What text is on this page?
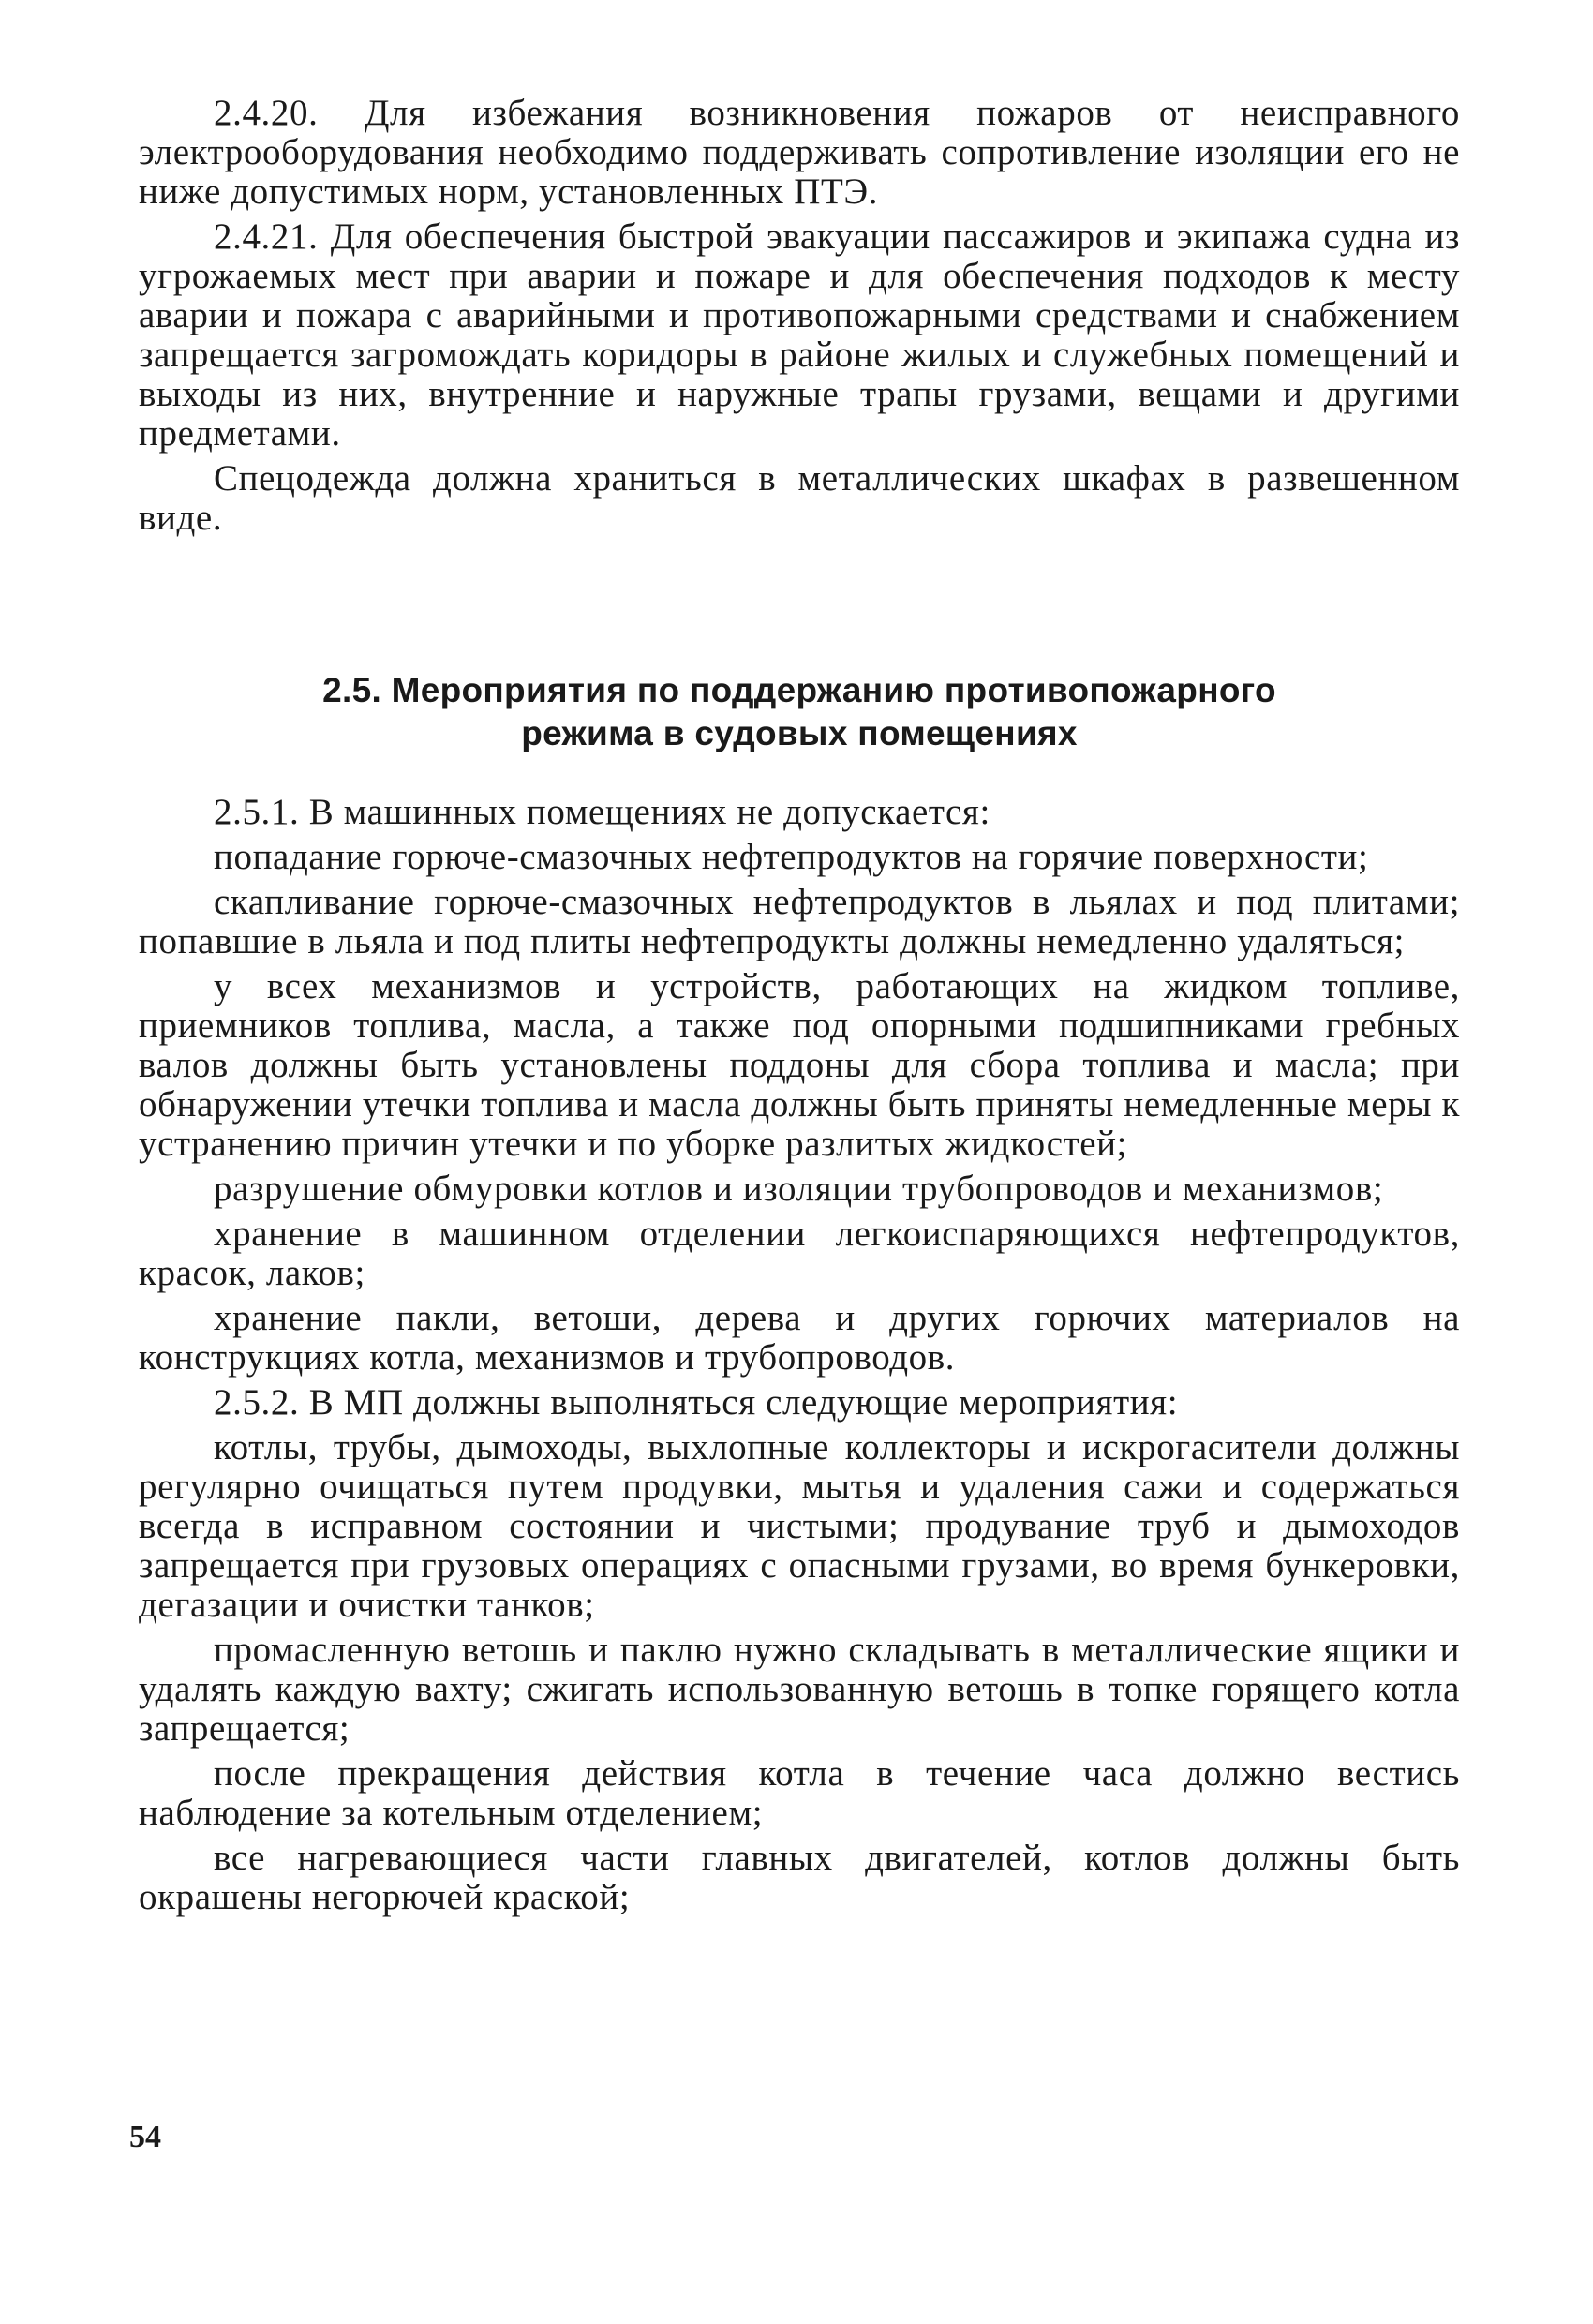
2.4.20. Для избежания возникновения пожаров от неисправного электрооборудования необходимо поддерживать сопротивление изоляции его не ниже допустимых норм, установленных ПТЭ.

2.4.21. Для обеспечения быстрой эвакуации пассажиров и экипажа судна из угрожаемых мест при аварии и пожаре и для обеспечения подходов к месту аварии и пожара с аварийными и противопожарными средствами и снабжением запрещается загромождать коридоры в районе жилых и служебных помещений и выходы из них, внутренние и наружные трапы грузами, вещами и другими предметами.

Спецодежда должна храниться в металлических шкафах в развешенном виде.

2.5. Мероприятия по поддержанию противопожарного
режима в судовых помещениях

2.5.1. В машинных помещениях не допускается:

попадание горюче-смазочных нефтепродуктов на горячие поверхности;

скапливание горюче-смазочных нефтепродуктов в льялах и под плитами; попавшие в льяла и под плиты нефтепродукты должны немедленно удаляться;

у всех механизмов и устройств, работающих на жидком топливе, приемников топлива, масла, а также под опорными подшипниками гребных валов должны быть установлены поддоны для сбора топлива и масла; при обнаружении утечки топлива и масла должны быть приняты немедленные меры к устранению причин утечки и по уборке разлитых жидкостей;

разрушение обмуровки котлов и изоляции трубопроводов и механизмов;

хранение в машинном отделении легкоиспаряющихся нефтепродуктов, красок, лаков;

хранение пакли, ветоши, дерева и других горючих материалов на конструкциях котла, механизмов и трубопроводов.

2.5.2. В МП должны выполняться следующие мероприятия:

котлы, трубы, дымоходы, выхлопные коллекторы и искрогасители должны регулярно очищаться путем продувки, мытья и удаления сажи и содержаться всегда в исправном состоянии и чистыми; продувание труб и дымоходов запрещается при грузовых операциях с опасными грузами, во время бункеровки, дегазации и очистки танков;

промасленную ветошь и паклю нужно складывать в металлические ящики и удалять каждую вахту; сжигать использованную ветошь в топке горящего котла запрещается;

после прекращения действия котла в течение часа должно вестись наблюдение за котельным отделением;

все нагревающиеся части главных двигателей, котлов должны быть окрашены негорючей краской;

54
